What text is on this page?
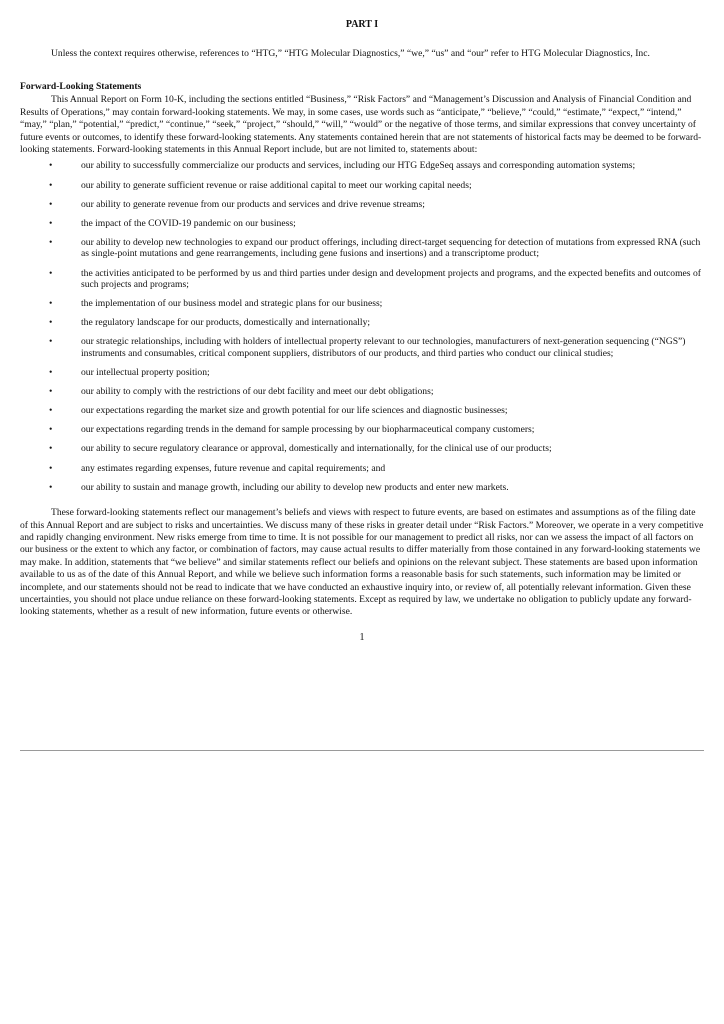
PART I

Unless the context requires otherwise, references to “HTG,” “HTG Molecular Diagnostics,” “we,” “us” and “our” refer to HTG Molecular Diagnostics, Inc.

Forward-Looking Statements

This Annual Report on Form 10-K, including the sections entitled “Business,” “Risk Factors” and “Management’s Discussion and Analysis of Financial Condition and Results of Operations,” may contain forward-looking statements. We may, in some cases, use words such as “anticipate,” “believe,” “could,” “estimate,” “expect,” “intend,” “may,” “plan,” “potential,” “predict,” “continue,” “seek,” “project,” “should,” “will,” “would” or the negative of those terms, and similar expressions that convey uncertainty of future events or outcomes, to identify these forward-looking statements. Any statements contained herein that are not statements of historical facts may be deemed to be forward-looking statements. Forward-looking statements in this Annual Report include, but are not limited to, statements about:

•	our ability to successfully commercialize our products and services, including our HTG EdgeSeq assays and corresponding automation systems;
•	our ability to generate sufficient revenue or raise additional capital to meet our working capital needs;
•	our ability to generate revenue from our products and services and drive revenue streams;
•	the impact of the COVID-19 pandemic on our business;
•	our ability to develop new technologies to expand our product offerings, including direct-target sequencing for detection of mutations from expressed RNA (such as single-point mutations and gene rearrangements, including gene fusions and insertions) and a transcriptome product;
•	the activities anticipated to be performed by us and third parties under design and development projects and programs, and the expected benefits and outcomes of such projects and programs;
•	the implementation of our business model and strategic plans for our business;
•	the regulatory landscape for our products, domestically and internationally;
•	our strategic relationships, including with holders of intellectual property relevant to our technologies, manufacturers of next-generation sequencing (“NGS”) instruments and consumables, critical component suppliers, distributors of our products, and third parties who conduct our clinical studies;
•	our intellectual property position;
•	our ability to comply with the restrictions of our debt facility and meet our debt obligations;
•	our expectations regarding the market size and growth potential for our life sciences and diagnostic businesses;
•	our expectations regarding trends in the demand for sample processing by our biopharmaceutical company customers;
•	our ability to secure regulatory clearance or approval, domestically and internationally, for the clinical use of our products;
•	any estimates regarding expenses, future revenue and capital requirements; and
•	our ability to sustain and manage growth, including our ability to develop new products and enter new markets.

These forward-looking statements reflect our management’s beliefs and views with respect to future events, are based on estimates and assumptions as of the filing date of this Annual Report and are subject to risks and uncertainties. We discuss many of these risks in greater detail under “Risk Factors.” Moreover, we operate in a very competitive and rapidly changing environment. New risks emerge from time to time. It is not possible for our management to predict all risks, nor can we assess the impact of all factors on our business or the extent to which any factor, or combination of factors, may cause actual results to differ materially from those contained in any forward-looking statements we may make. In addition, statements that “we believe” and similar statements reflect our beliefs and opinions on the relevant subject. These statements are based upon information available to us as of the date of this Annual Report, and while we believe such information forms a reasonable basis for such statements, such information may be limited or incomplete, and our statements should not be read to indicate that we have conducted an exhaustive inquiry into, or review of, all potentially relevant information. Given these uncertainties, you should not place undue reliance on these forward-looking statements. Except as required by law, we undertake no obligation to publicly update any forward-looking statements, whether as a result of new information, future events or otherwise.

1
